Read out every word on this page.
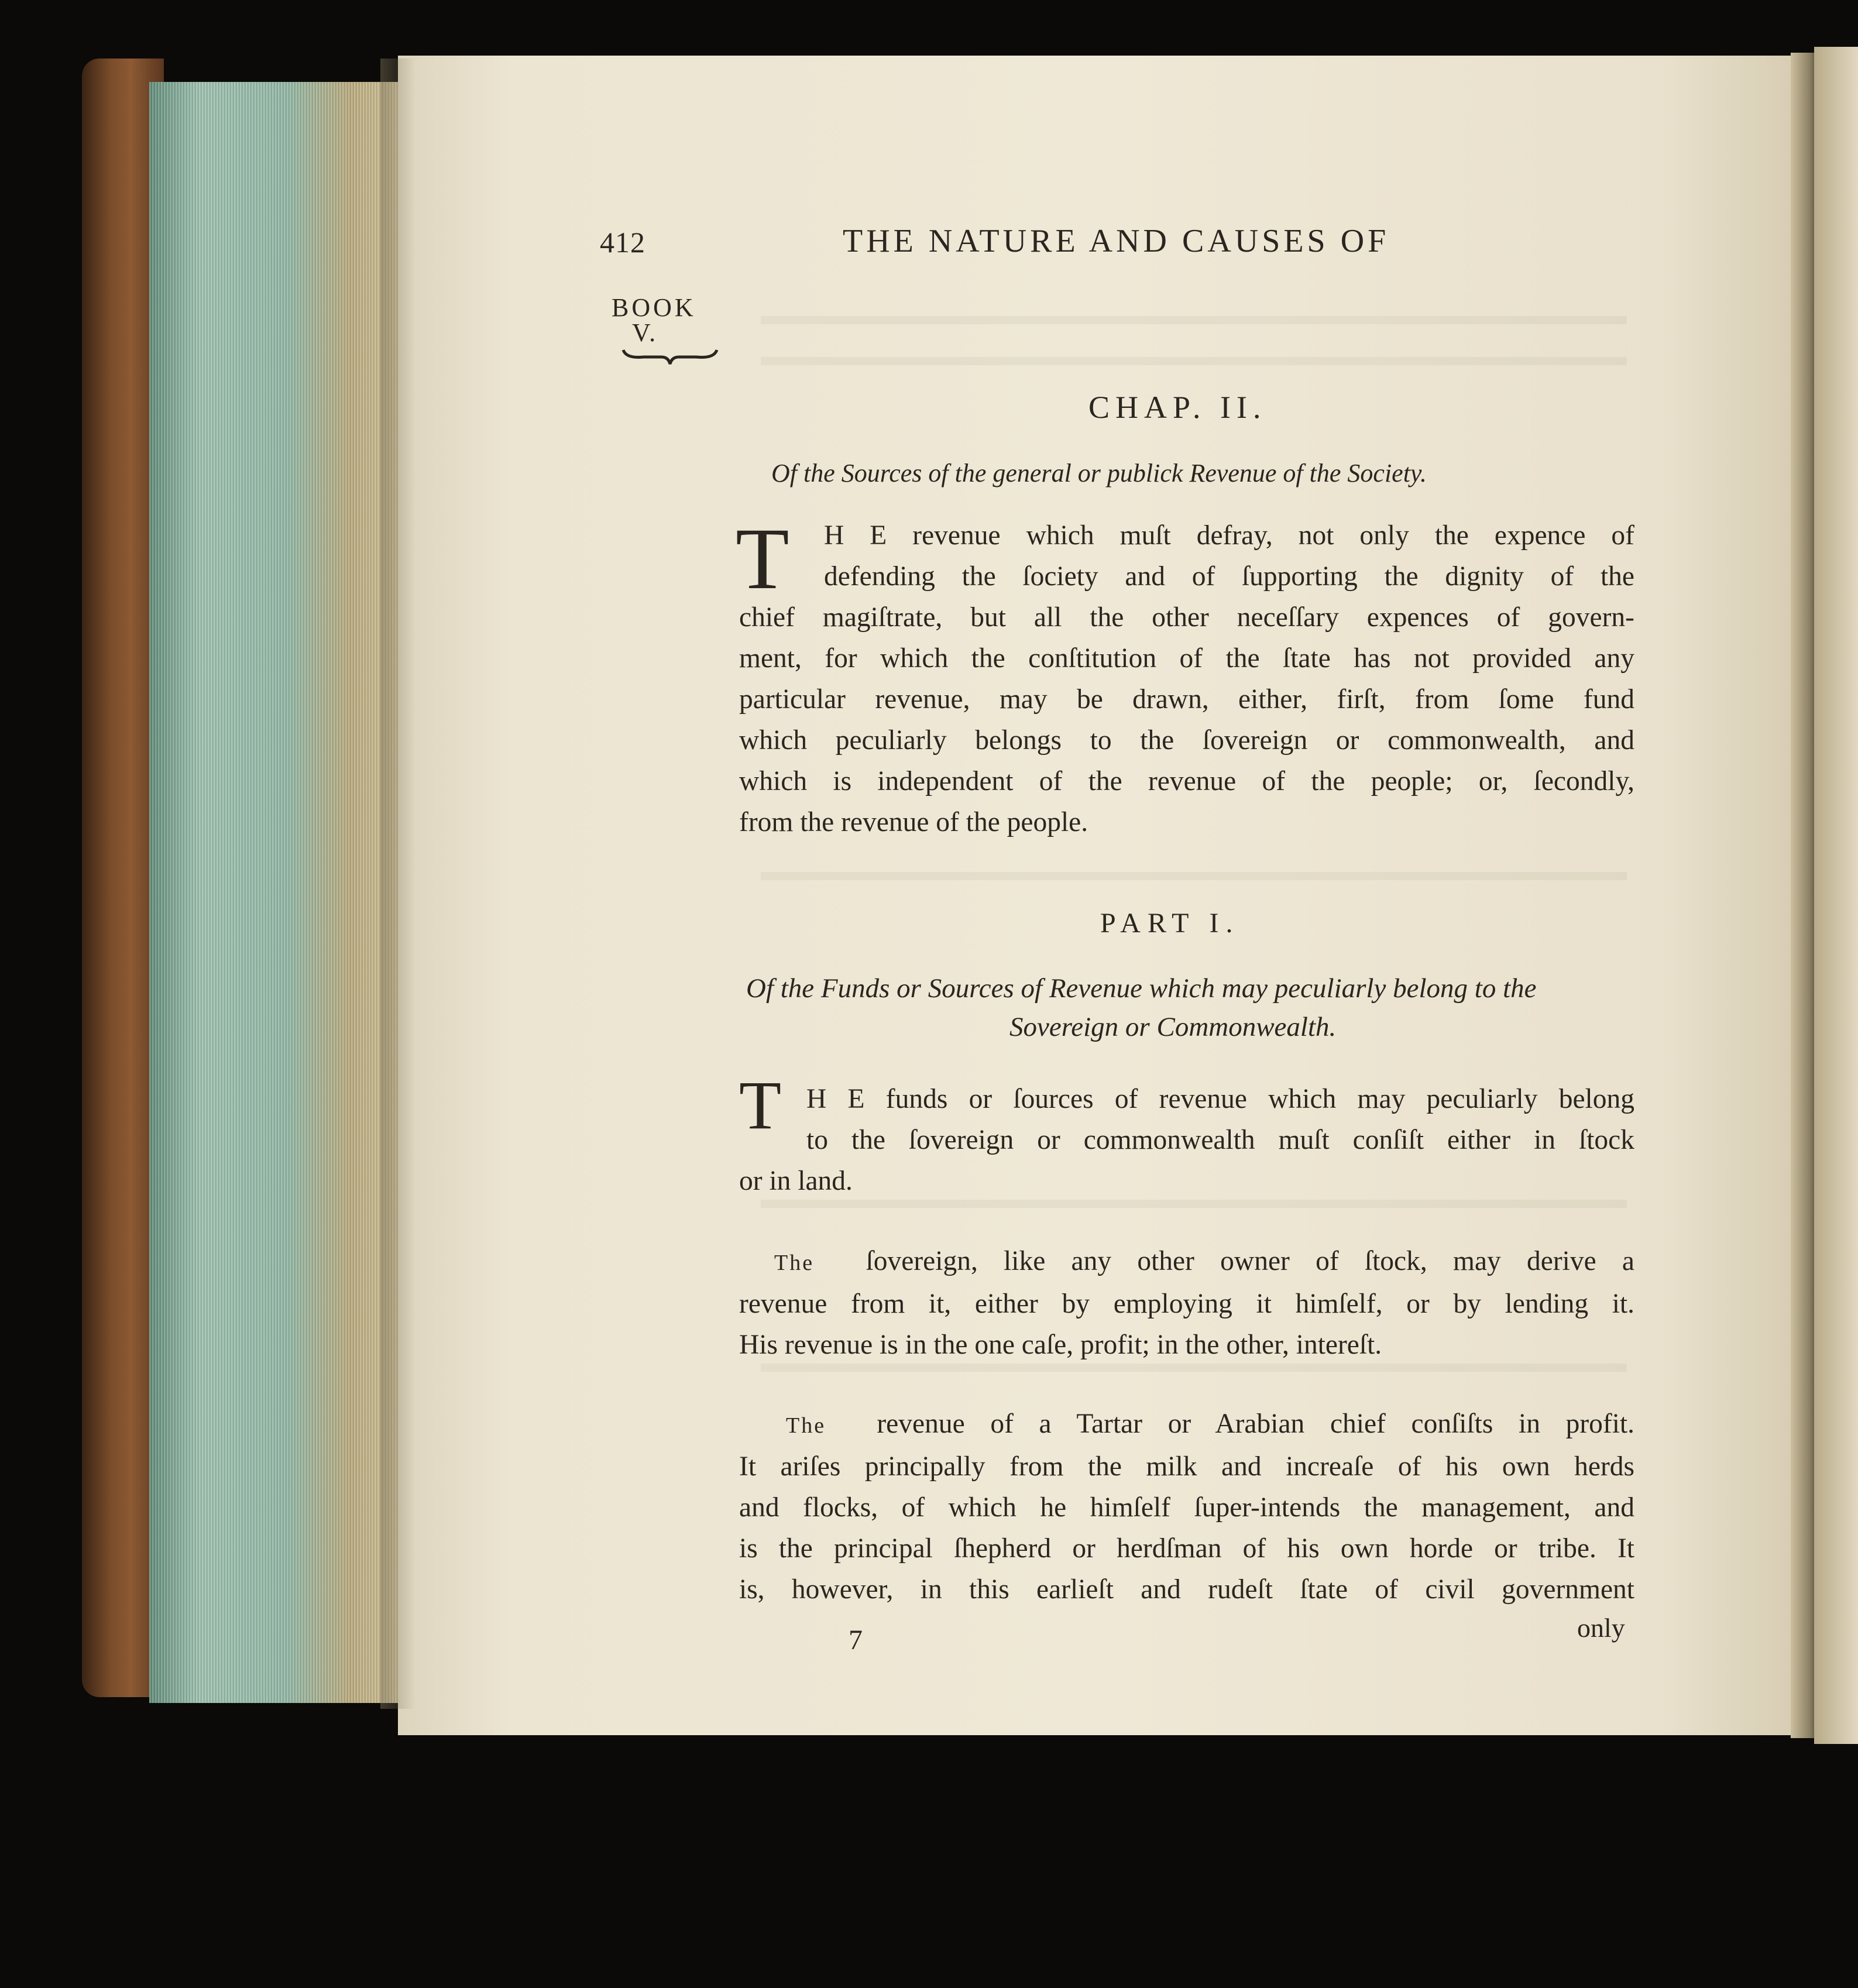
412	THE NATURE AND CAUSES OF
BOOK
V.
CHAP. II.
Of the Sources of the general or publick Revenue of the Society.
T	H E revenue which muſt defray, not only the expence of
defending the ſociety and of ſupporting the dignity of the
chief magiſtrate, but all the other neceſſary expences of govern-
ment, for which the conſtitution of the ſtate has not provided any
particular revenue, may be drawn, either, firſt, from ſome fund
which peculiarly belongs to the ſovereign or commonwealth, and
which is independent of the revenue of the people; or, ſecondly,
from the revenue of the people.
PART I.
Of the Funds or Sources of Revenue which may peculiarly belong to the
Sovereign or Commonwealth.
T H E funds or ſources of revenue which may peculiarly belong
to the ſovereign or commonwealth muſt conſiſt either in ſtock
or in land.
The ſovereign, like any other owner of ſtock, may derive a
revenue from it, either by employing it himſelf, or by lending it.
His revenue is in the one caſe, profit; in the other, intereſt.
The revenue of a Tartar or Arabian chief conſiſts in profit.
It ariſes principally from the milk and increaſe of his own herds
and flocks, of which he himſelf ſuper-intends the management, and
is the principal ſhepherd or herdſman of his own horde or tribe. It
is, however, in this earlieſt and rudeſt ſtate of civil government
7	only
